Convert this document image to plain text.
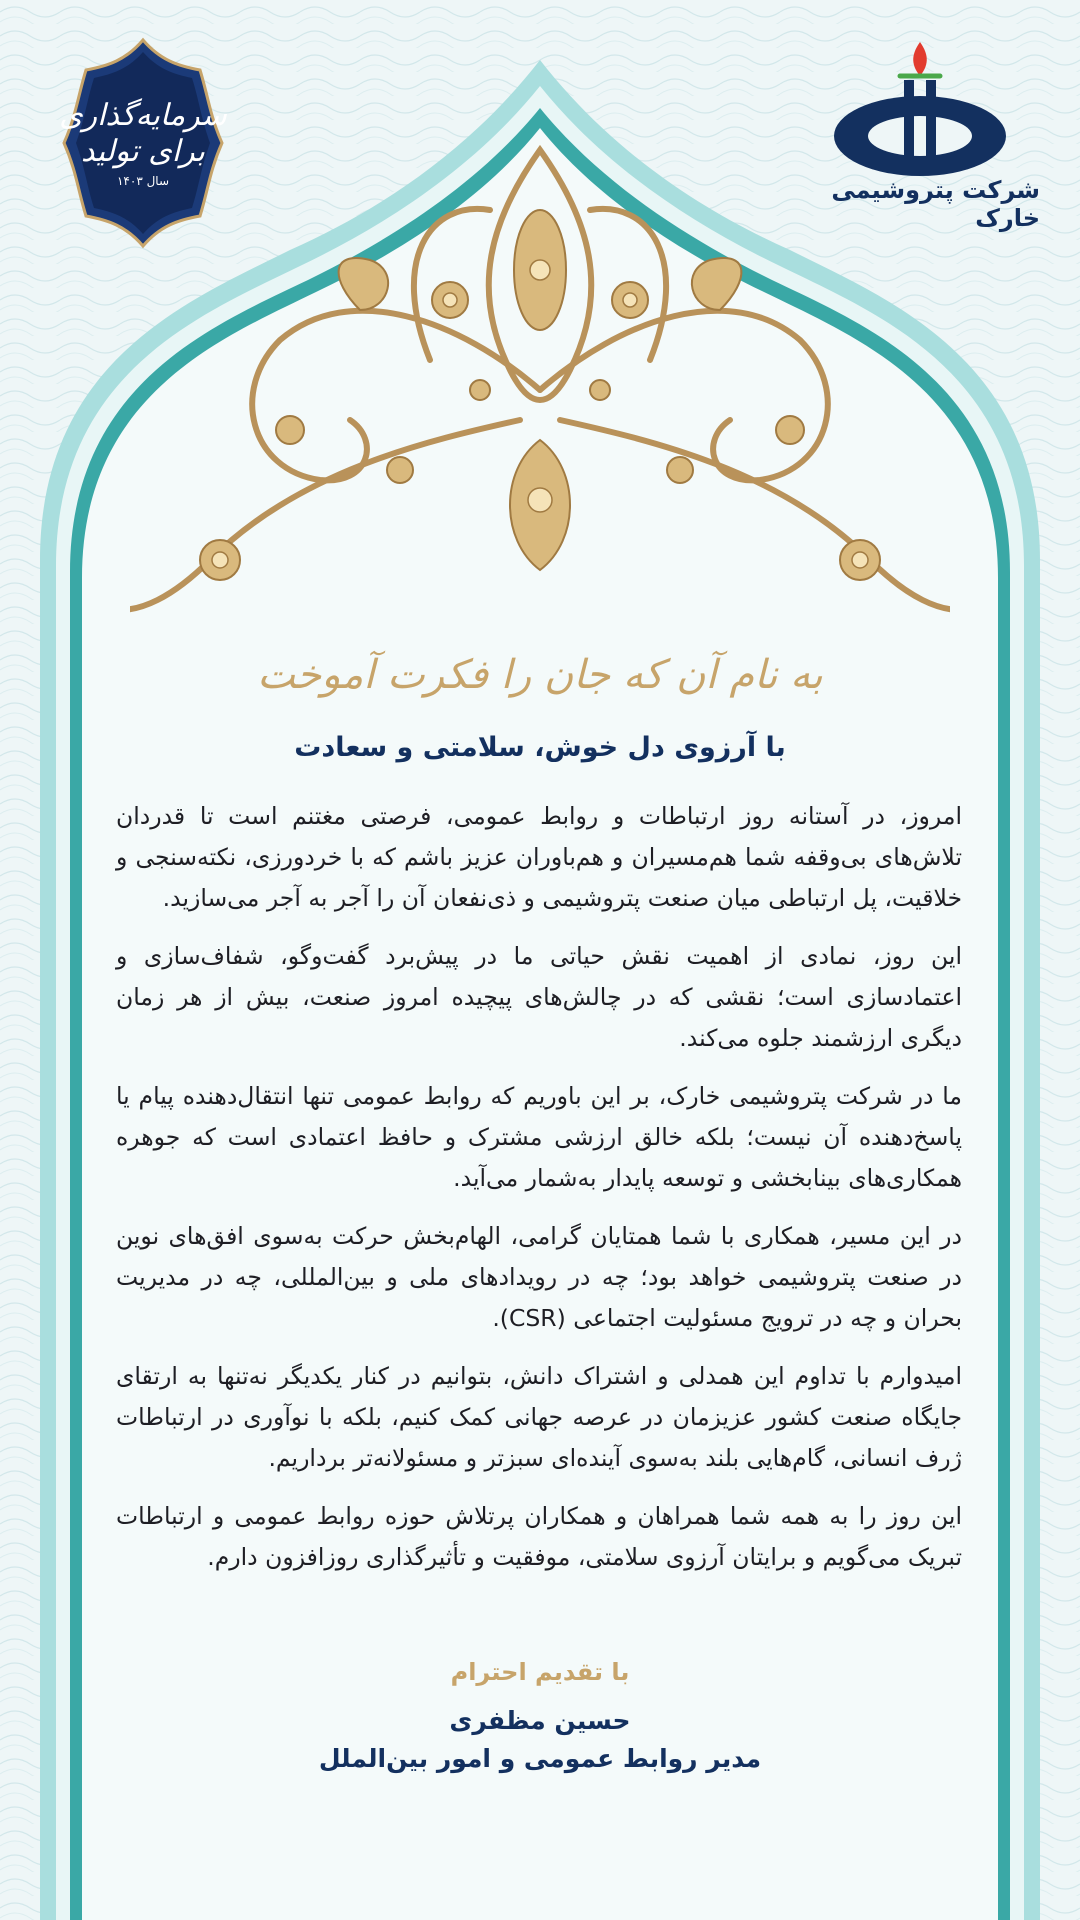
سرمایه‌گذاری
برای تولید
سال ۱۴۰۳	شرکت پتروشیمی خارک
به نام آن که جان را فکرت آموخت
با آرزوی دل خوش، سلامتی و سعادت

امروز، در آستانه روز ارتباطات و روابط عمومی، فرصتی مغتنم است تا قدردان تلاش‌های بی‌وقفه شما هم‌مسیران و هم‌باوران عزیز باشم که با خردورزی، نکته‌سنجی و خلاقیت، پل ارتباطی میان صنعت پتروشیمی و ذی‌نفعان آن را آجر به آجر می‌سازید.

این روز، نمادی از اهمیت نقش حیاتی ما در پیش‌برد گفت‌وگو، شفاف‌سازی و اعتمادسازی است؛ نقشی که در چالش‌های پیچیده امروز صنعت، بیش از هر زمان دیگری ارزشمند جلوه می‌کند.

ما در شرکت پتروشیمی خارک، بر این باوریم که روابط عمومی تنها انتقال‌دهنده پیام یا پاسخ‌دهنده آن نیست؛ بلکه خالق ارزشی مشترک و حافظ اعتمادی است که جوهره همکاری‌های بینابخشی و توسعه پایدار به‌شمار می‌آید.

در این مسیر، همکاری با شما همتایان گرامی، الهام‌بخش حرکت به‌سوی افق‌های نوین در صنعت پتروشیمی خواهد بود؛ چه در رویدادهای ملی و بین‌المللی، چه در مدیریت بحران و چه در ترویج مسئولیت اجتماعی (CSR).

امیدوارم با تداوم این همدلی و اشتراک دانش، بتوانیم در کنار یکدیگر نه‌تنها به ارتقای جایگاه صنعت کشور عزیزمان در عرصه جهانی کمک کنیم، بلکه با نوآوری در ارتباطات ژرف انسانی، گام‌هایی بلند به‌سوی آینده‌ای سبزتر و مسئولانه‌تر برداریم.

این روز را به همه شما همراهان و همکاران پرتلاش حوزه روابط عمومی و ارتباطات تبریک می‌گویم و برایتان آرزوی سلامتی، موفقیت و تأثیرگذاری روزافزون دارم.

با تقدیم احترام
حسین مظفری
مدیر روابط عمومی و امور بین‌الملل
